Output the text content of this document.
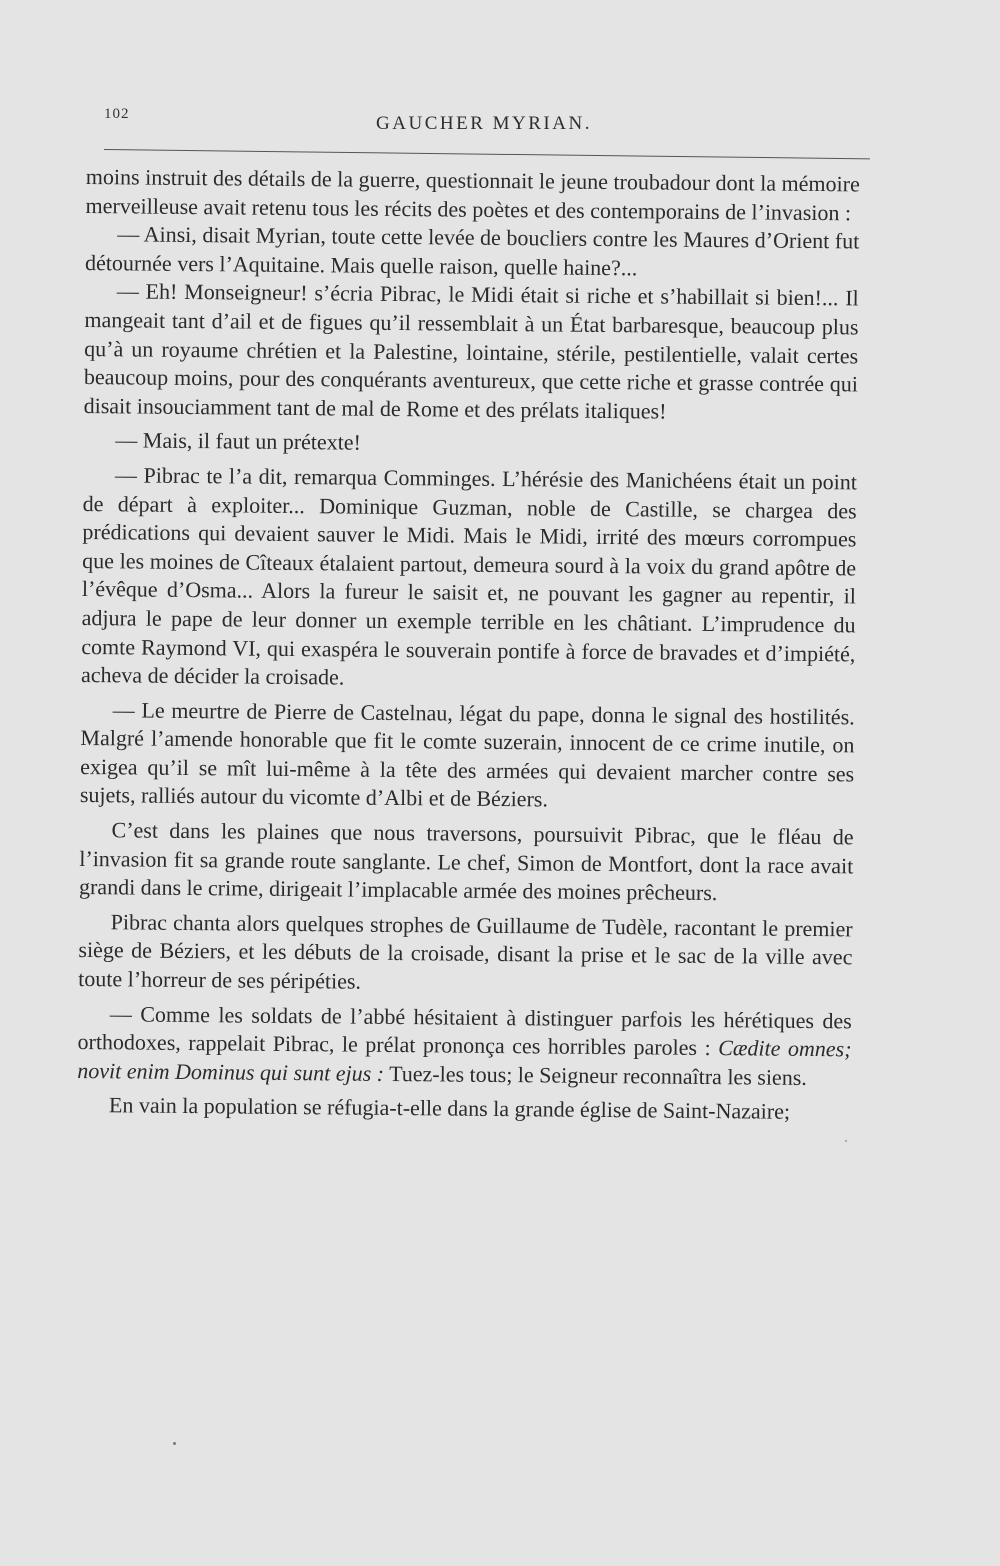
102	GAUCHER MYRIAN.

moins instruit des détails de la guerre, questionnait le jeune troubadour dont la mémoire merveilleuse avait retenu tous les récits des poètes et des contemporains de l’invasion :

— Ainsi, disait Myrian, toute cette levée de boucliers contre les Maures d’Orient fut détournée vers l’Aquitaine. Mais quelle raison, quelle haine?...

— Eh! Monseigneur! s’écria Pibrac, le Midi était si riche et s’habillait si bien!... Il mangeait tant d’ail et de figues qu’il ressemblait à un État barbaresque, beaucoup plus qu’à un royaume chrétien et la Palestine, lointaine, stérile, pestilentielle, valait certes beaucoup moins, pour des conquérants aventureux, que cette riche et grasse contrée qui disait insouciamment tant de mal de Rome et des prélats italiques!

— Mais, il faut un prétexte!

— Pibrac te l’a dit, remarqua Comminges. L’hérésie des Manichéens était un point de départ à exploiter... Dominique Guzman, noble de Castille, se chargea des prédications qui devaient sauver le Midi. Mais le Midi, irrité des mœurs corrompues que les moines de Cîteaux étalaient partout, demeura sourd à la voix du grand apôtre de l’évêque d’Osma... Alors la fureur le saisit et, ne pouvant les gagner au repentir, il adjura le pape de leur donner un exemple terrible en les châtiant. L’imprudence du comte Raymond VI, qui exaspéra le souverain pontife à force de bravades et d’impiété, acheva de décider la croisade.

— Le meurtre de Pierre de Castelnau, légat du pape, donna le signal des hostilités. Malgré l’amende honorable que fit le comte suzerain, innocent de ce crime inutile, on exigea qu’il se mît lui-même à la tête des armées qui devaient marcher contre ses sujets, ralliés autour du vicomte d’Albi et de Béziers.

C’est dans les plaines que nous traversons, poursuivit Pibrac, que le fléau de l’invasion fit sa grande route sanglante. Le chef, Simon de Montfort, dont la race avait grandi dans le crime, dirigeait l’implacable armée des moines prêcheurs.

Pibrac chanta alors quelques strophes de Guillaume de Tudèle, racontant le premier siège de Béziers, et les débuts de la croisade, disant la prise et le sac de la ville avec toute l’horreur de ses péripéties.

— Comme les soldats de l’abbé hésitaient à distinguer parfois les hérétiques des orthodoxes, rappelait Pibrac, le prélat prononça ces horribles paroles : Cædite omnes; novit enim Dominus qui sunt ejus : Tuez-les tous; le Seigneur reconnaîtra les siens.

En vain la population se réfugia-t-elle dans la grande église de Saint-Nazaire;
